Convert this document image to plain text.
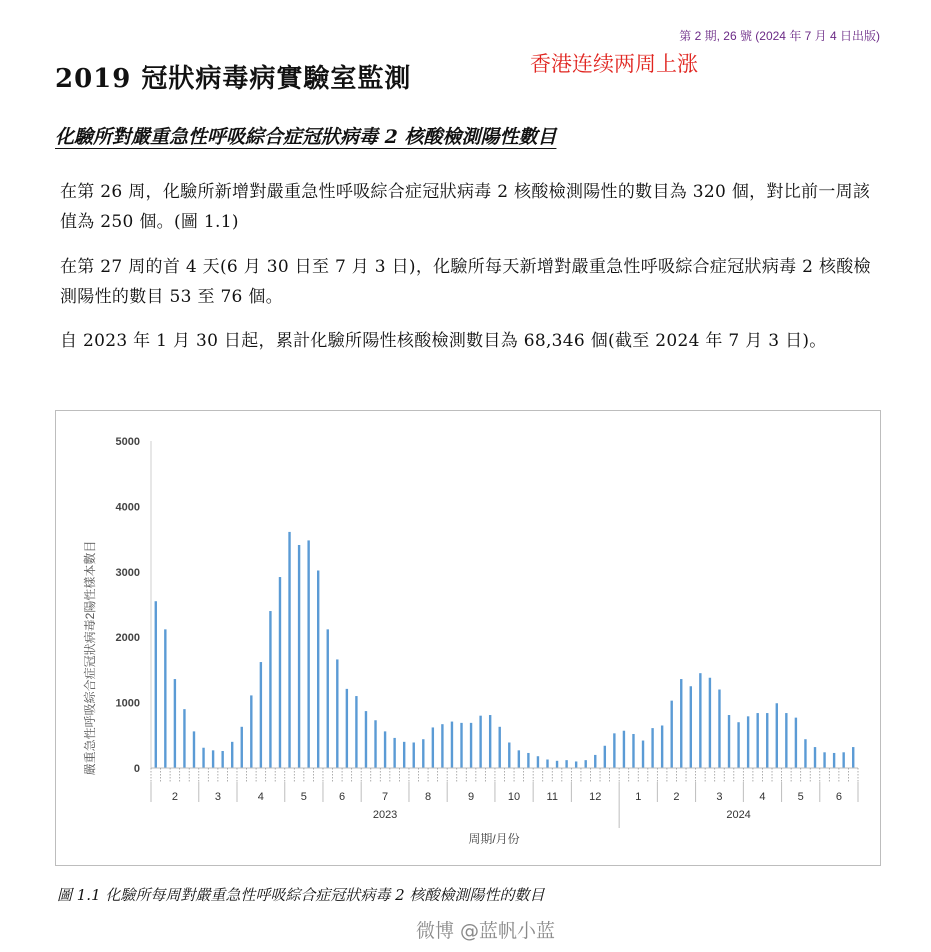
第 2 期, 26 號 (2024 年 7 月 4 日出版)
2019 冠狀病毒病實驗室監測	香港连续两周上涨
化驗所對嚴重急性呼吸綜合症冠狀病毒 2 核酸檢測陽性數目
在第 26 周，化驗所新增對嚴重急性呼吸綜合症冠狀病毒 2 核酸檢測陽性的數目為 320 個，對比前一周該值為 250 個。(圖 1.1)
在第 27 周的首 4 天(6 月 30 日至 7 月 3 日)，化驗所每天新增對嚴重急性呼吸綜合症冠狀病毒 2 核酸檢測陽性的數目 53 至 76 個。
自 2023 年 1 月 30 日起，累計化驗所陽性核酸檢測數目為 68,346 個(截至 2024 年 7 月 3 日)。
0
1000
2000
3000
4000
5000
2	3	4	5	6	7	8	9	10 11	12	1	2	3	4	5	6
2023	2024
嚴重急性呼吸綜合症冠狀病毒2陽性樣本數目
周期/月份
圖 1.1 化驗所每周對嚴重急性呼吸綜合症冠狀病毒 2 核酸檢測陽性的數目
微博 @蓝帆小蓝
